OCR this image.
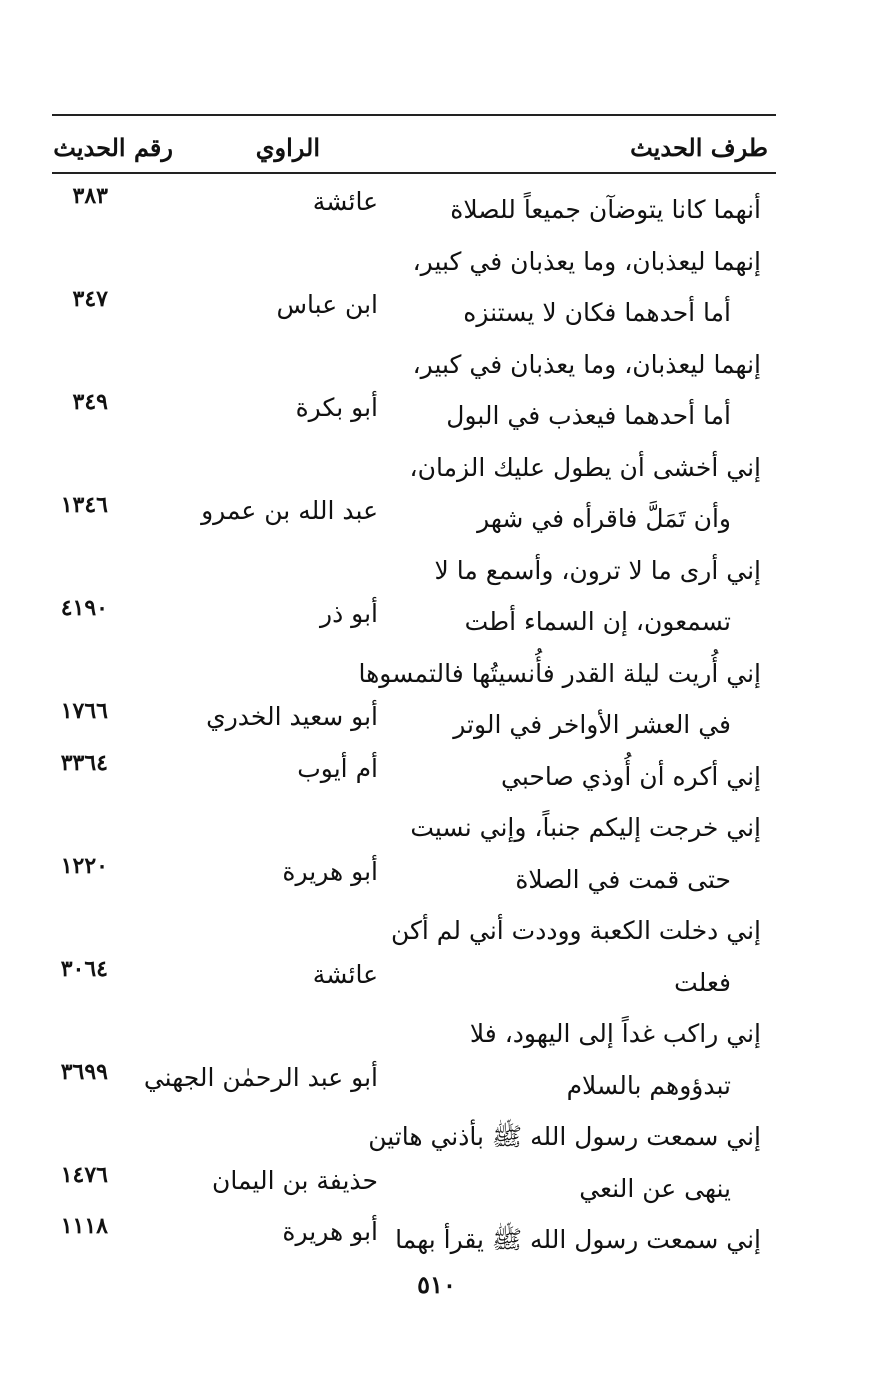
طرف الحديث
الراوي
رقم الحديث
أنهما كانا يتوضآن جميعاً للصلاة
عائشة
٣٨٣
إنهما ليعذبان، وما يعذبان في كبير،
أما أحدهما فكان لا يستنزه
ابن عباس
٣٤٧
إنهما ليعذبان، وما يعذبان في كبير،
أما أحدهما فيعذب في البول
أبو بكرة
٣٤٩
إني أخشى أن يطول عليك الزمان،
وأن تَمَلَّ فاقرأه في شهر
عبد الله بن عمرو
١٣٤٦
إني أرى ما لا ترون، وأسمع ما لا
تسمعون، إن السماء أطت
أبو ذر
٤١٩٠
إني أُريت ليلة القدر فأُنسيتُها فالتمسوها
في العشر الأواخر في الوتر
أبو سعيد الخدري
١٧٦٦
إني أكره أن أُوذي صاحبي
أم أيوب
٣٣٦٤
إني خرجت إليكم جنباً، وإني نسيت
حتى قمت في الصلاة
أبو هريرة
١٢٢٠
إني دخلت الكعبة ووددت أني لم أكن
فعلت
عائشة
٣٠٦٤
إني راكب غداً إلى اليهود، فلا
تبدؤوهم بالسلام
أبو عبد الرحمٰن الجهني
٣٦٩٩
إني سمعت رسول الله ﷺ بأذني هاتين
ينهى عن النعي
حذيفة بن اليمان
١٤٧٦
إني سمعت رسول الله ﷺ يقرأ بهما
أبو هريرة
١١١٨
٥١٠
